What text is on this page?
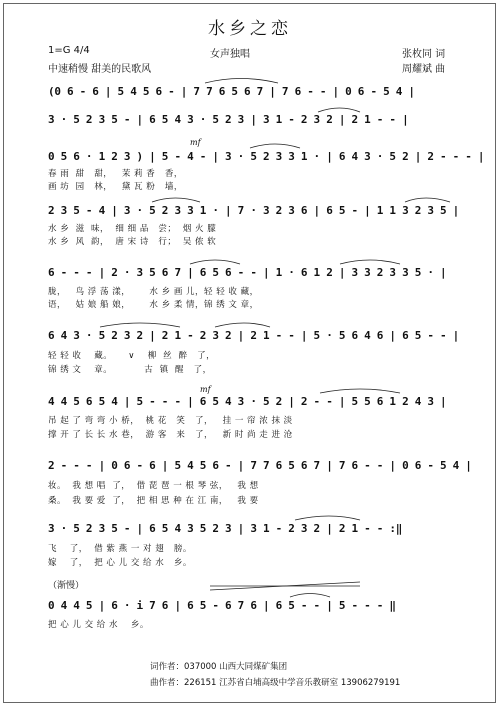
水乡之恋
1=G 4/4	女声独唱	张枚同 词
中速稍慢 甜美的民歌风	周耀斌 曲
mf
mf
(0 6 - 6 | 5 4 5 6 - | 7 7 6 5 6 7 | 7 6 - - | 0 6 - 5 4 |
3 · 5 2 3 5 - | 6 5 4 3 · 5 2 3 | 3 1 - 2 3 2 | 2 1 - - |
0 5 6 · 1 2 3 ) | 5 - 4 - | 3 · 5 2 3 3 1 · | 6 4 3 · 5 2 | 2 - - - |
春 雨  甜   甜，   茉 莉 香   香，
画 坊  园   林，   黛 瓦 粉   墙，
2 3 5 - 4 | 3 · 5 2 3 3 1 · | 7 · 3 2 3 6 | 6 5 - | 1 1 3 2 3 5 |
水 乡  滋  味，  细 细 品   尝；  烟 火 朦
水 乡  风  韵，  唐 宋 诗   行；  吴 侬 软
6 - - - | 2 · 3 5 6 7 | 6 5 6 - - | 1 · 6 1 2 | 3 3 2 3 3 5 · |
胧，   鸟 浮 荡 漾，      水 乡 画 儿，轻 轻 收 藏，
语，   姑 娘 船 娘，      水 乡 柔 情，锦 绣 文 章，
6 4 3 · 5 2 3 2 | 2 1 - 2 3 2 | 2 1 - - | 5 · 5 6 4 6 | 6 5 - - |
轻 轻 收    藏。     ∨    柳  丝  醉   了，
锦 绣 文    章。          古  镇  醒   了，
4 4 5 6 5 4 | 5 - - - | 6 5 4 3 · 5 2 | 2 - - | 5 5 6 1 2 4 3 |
吊 起 了 弯 弯 小 桥，  桃 花   笑   了，   挂 一 帘 浓 抹 淡
撑 开 了 长 长 水 巷，  游 客   来   了，   新 时 尚 走 进 沧
2 - - - | 0 6 - 6 | 5 4 5 6 - | 7 7 6 5 6 7 | 7 6 - - | 0 6 - 5 4 |
妆。  我 想 唱  了，  借 琵 琶 一 根 琴 弦，   我 想
桑。  我 要 爱  了，  把 相 思 种 在 江 南，   我 要
3 · 5 2 3 5 - | 6 5 4 3 5 2 3 | 3 1 - 2 3 2 | 2 1 - - :‖
飞    了，  借 紫 燕 一 对 翅   膀。
嫁    了，  把 心 儿 交 给 水   乡。
（渐慢）
0 4 4 5 | 6 · i 7 6 | 6 5 - 6 7 6 | 6 5 - - | 5 - - - ‖
把 心 儿 交 给 水    乡。
词作者：037000 山西大同煤矿集团
曲作者：226151 江苏省白埔高级中学音乐教研室 13906279191
